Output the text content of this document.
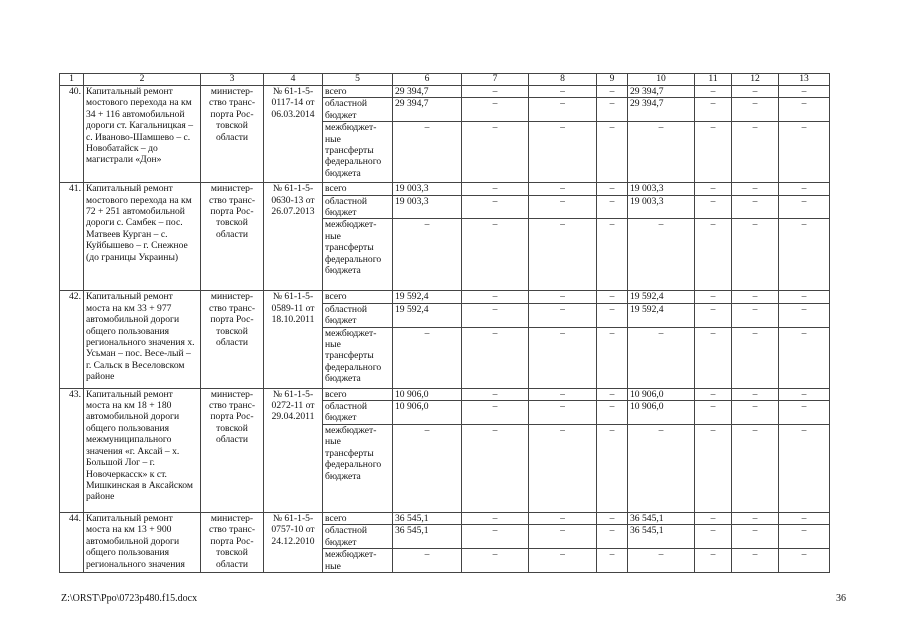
1	2	3	4	5	6	7	8	9	10	11	12	13
40.	Капитальный ремонт мостового перехода на км 34 + 116 автомобильной дороги ст. Кагальницкая – с. Иваново-Шамшево – с. Новобатайск – до магистрали «Дон»	министер-ство транс-порта Рос-товской области	№ 61-1-5-0117-14 от 06.03.2014	всего	29 394,7	–	–	–	29 394,7	–	–	–
				областной бюджет	29 394,7	–	–	–	29 394,7	–	–	–
				межбюджет-ные трансферты федерального бюджета	–	–	–	–	–	–	–	–
41.	Капитальный ремонт мостового перехода на км 72 + 251 автомобильной дороги с. Самбек – пос. Матвеев Курган – с. Куйбышево – г. Снежное (до границы Украины)	министер-ство транс-порта Рос-товской области	№ 61-1-5-0630-13 от 26.07.2013	всего	19 003,3	–	–	–	19 003,3	–	–	–
				областной бюджет	19 003,3	–	–	–	19 003,3	–	–	–
				межбюджет-ные трансферты федерального бюджета	–	–	–	–	–	–	–	–
42.	Капитальный ремонт моста на км 33 + 977 автомобильной дороги общего пользования регионального значения х. Усьман – пос. Весе-лый – г. Сальск в Веселовском районе	министер-ство транс-порта Рос-товской области	№ 61-1-5-0589-11 от 18.10.2011	всего	19 592,4	–	–	–	19 592,4	–	–	–
				областной бюджет	19 592,4	–	–	–	19 592,4	–	–	–
				межбюджет-ные трансферты федерального бюджета	–	–	–	–	–	–	–	–
43.	Капитальный ремонт моста на км 18 + 180 автомобильной дороги общего пользования межмуниципального значения «г. Аксай – х. Большой Лог – г. Новочеркасск» к ст. Мишкинская в Аксайском районе	министер-ство транс-порта Рос-товской области	№ 61-1-5-0272-11 от 29.04.2011	всего	10 906,0	–	–	–	10 906,0	–	–	–
				областной бюджет	10 906,0	–	–	–	10 906,0	–	–	–
				межбюджет-ные трансферты федерального бюджета	–	–	–	–	–	–	–	–
44.	Капитальный ремонт моста на км 13 + 900 автомобильной дороги общего пользования регионального значения	министер-ство транс-порта Рос-товской области	№ 61-1-5-0757-10 от 24.12.2010	всего	36 545,1	–	–	–	36 545,1	–	–	–
				областной бюджет	36 545,1	–	–	–	36 545,1	–	–	–
				межбюджет-ные	–	–	–	–	–	–	–	–
Z:\ORST\Ppo\0723p480.f15.docx	36
